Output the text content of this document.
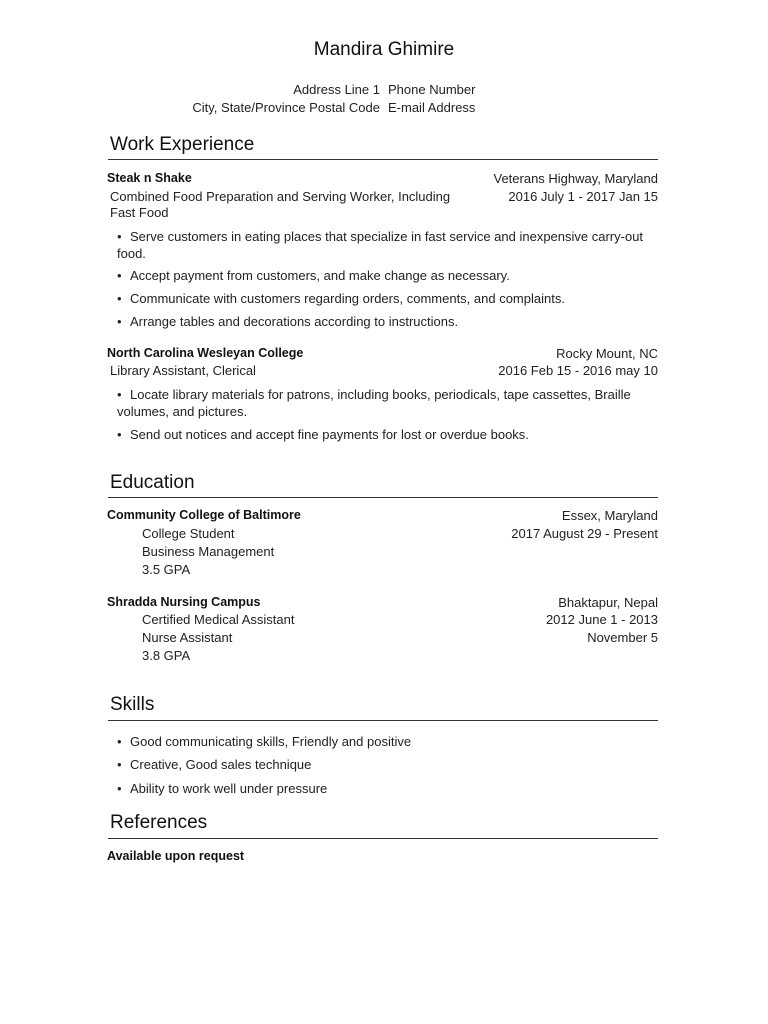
Mandira Ghimire
Address Line 1 Phone Number
City, State/Province Postal Code E-mail Address
Work Experience
Steak n Shake	Veterans Highway, Maryland
Combined Food Preparation and Serving Worker, Including	2016 July 1 - 2017 Jan 15
Fast Food
• Serve customers in eating places that specialize in fast service and inexpensive carry-out food.
• Accept payment from customers, and make change as necessary.
• Communicate with customers regarding orders, comments, and complaints.
• Arrange tables and decorations according to instructions.
North Carolina Wesleyan College	Rocky Mount, NC
Library Assistant, Clerical	2016 Feb 15 - 2016 may 10
• Locate library materials for patrons, including books, periodicals, tape cassettes, Braille volumes, and pictures.
• Send out notices and accept fine payments for lost or overdue books.
Education
Community College of Baltimore	Essex, Maryland
College Student	2017 August 29 - Present
Business Management
3.5 GPA
Shradda Nursing Campus	Bhaktapur, Nepal
Certified Medical Assistant	2012 June 1 - 2013
Nurse Assistant	November 5
3.8 GPA
Skills
• Good communicating skills, Friendly and positive
• Creative, Good sales technique
• Ability to work well under pressure
References
Available upon request
